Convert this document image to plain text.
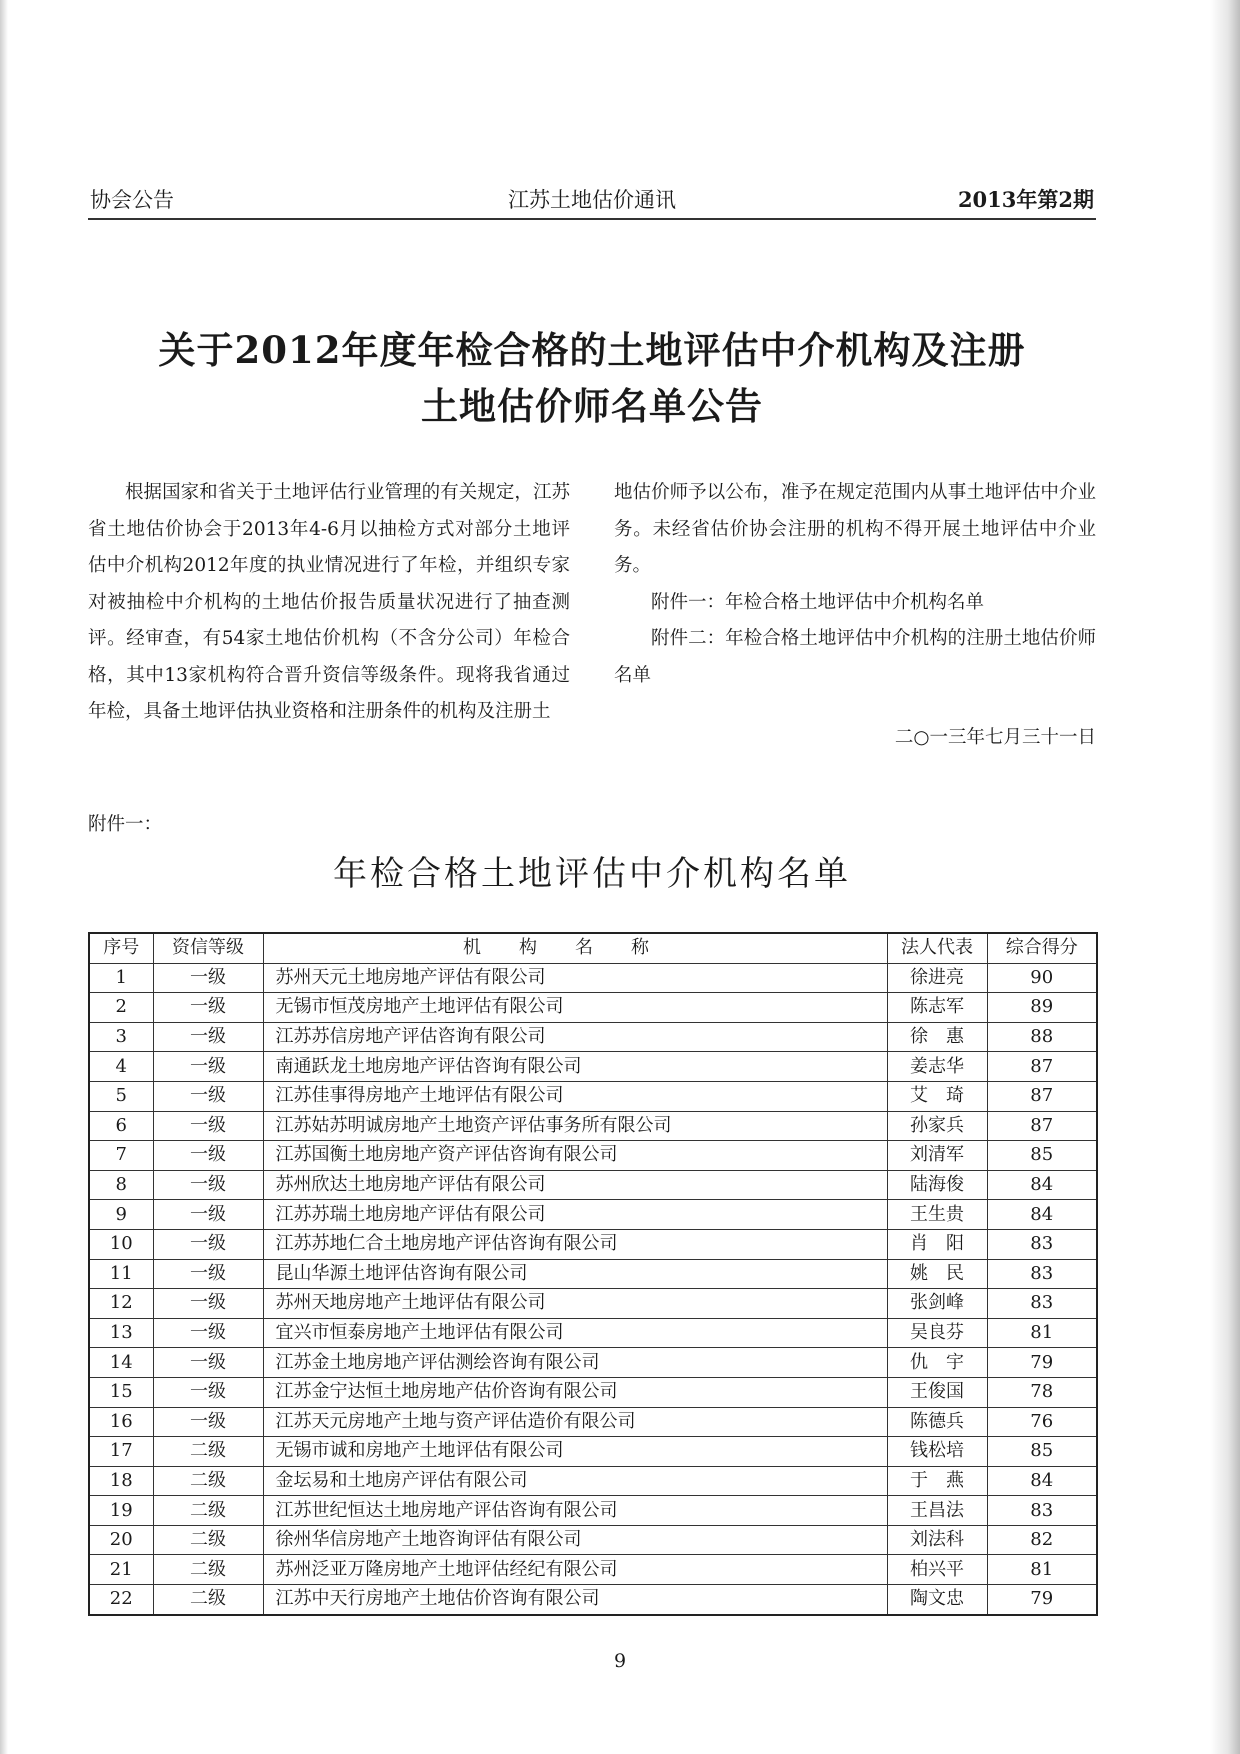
协会公告	江苏土地估价通讯	2013年第2期
关于2012年度年检合格的土地评估中介机构及注册
土地估价师名单公告

根据国家和省关于土地评估行业管理的有关规定，江苏省土地估价协会于2013年4-6月以抽检方式对部分土地评估中介机构2012年度的执业情况进行了年检，并组织专家对被抽检中介机构的土地估价报告质量状况进行了抽查测评。经审查，有54家土地估价机构（不含分公司）年检合格，其中13家机构符合晋升资信等级条件。现将我省通过年检，具备土地评估执业资格和注册条件的机构及注册土

地估价师予以公布，准予在规定范围内从事土地评估中介业务。未经省估价协会注册的机构不得开展土地评估中介业务。

附件一：年检合格土地评估中介机构名单

附件二：年检合格土地评估中介机构的注册土地估价师名单

二○一三年七月三十一日

附件一：
年检合格土地评估中介机构名单
序号	资信等级	机构名称	法人代表	综合得分
1	一级	苏州天元土地房地产评估有限公司	徐进亮	90
2	一级	无锡市恒茂房地产土地评估有限公司	陈志军	89
3	一级	江苏苏信房地产评估咨询有限公司	徐　惠	88
4	一级	南通跃龙土地房地产评估咨询有限公司	姜志华	87
5	一级	江苏佳事得房地产土地评估有限公司	艾　琦	87
6	一级	江苏姑苏明诚房地产土地资产评估事务所有限公司	孙家兵	87
7	一级	江苏国衡土地房地产资产评估咨询有限公司	刘清军	85
8	一级	苏州欣达土地房地产评估有限公司	陆海俊	84
9	一级	江苏苏瑞土地房地产评估有限公司	王生贵	84
10	一级	江苏苏地仁合土地房地产评估咨询有限公司	肖　阳	83
11	一级	昆山华源土地评估咨询有限公司	姚　民	83
12	一级	苏州天地房地产土地评估有限公司	张剑峰	83
13	一级	宜兴市恒泰房地产土地评估有限公司	吴良芬	81
14	一级	江苏金土地房地产评估测绘咨询有限公司	仇　宇	79
15	一级	江苏金宁达恒土地房地产估价咨询有限公司	王俊国	78
16	一级	江苏天元房地产土地与资产评估造价有限公司	陈德兵	76
17	二级	无锡市诚和房地产土地评估有限公司	钱松培	85
18	二级	金坛易和土地房产评估有限公司	于　燕	84
19	二级	江苏世纪恒达土地房地产评估咨询有限公司	王昌法	83
20	二级	徐州华信房地产土地咨询评估有限公司	刘法科	82
21	二级	苏州泛亚万隆房地产土地评估经纪有限公司	柏兴平	81
22	二级	江苏中天行房地产土地估价咨询有限公司	陶文忠	79
9
